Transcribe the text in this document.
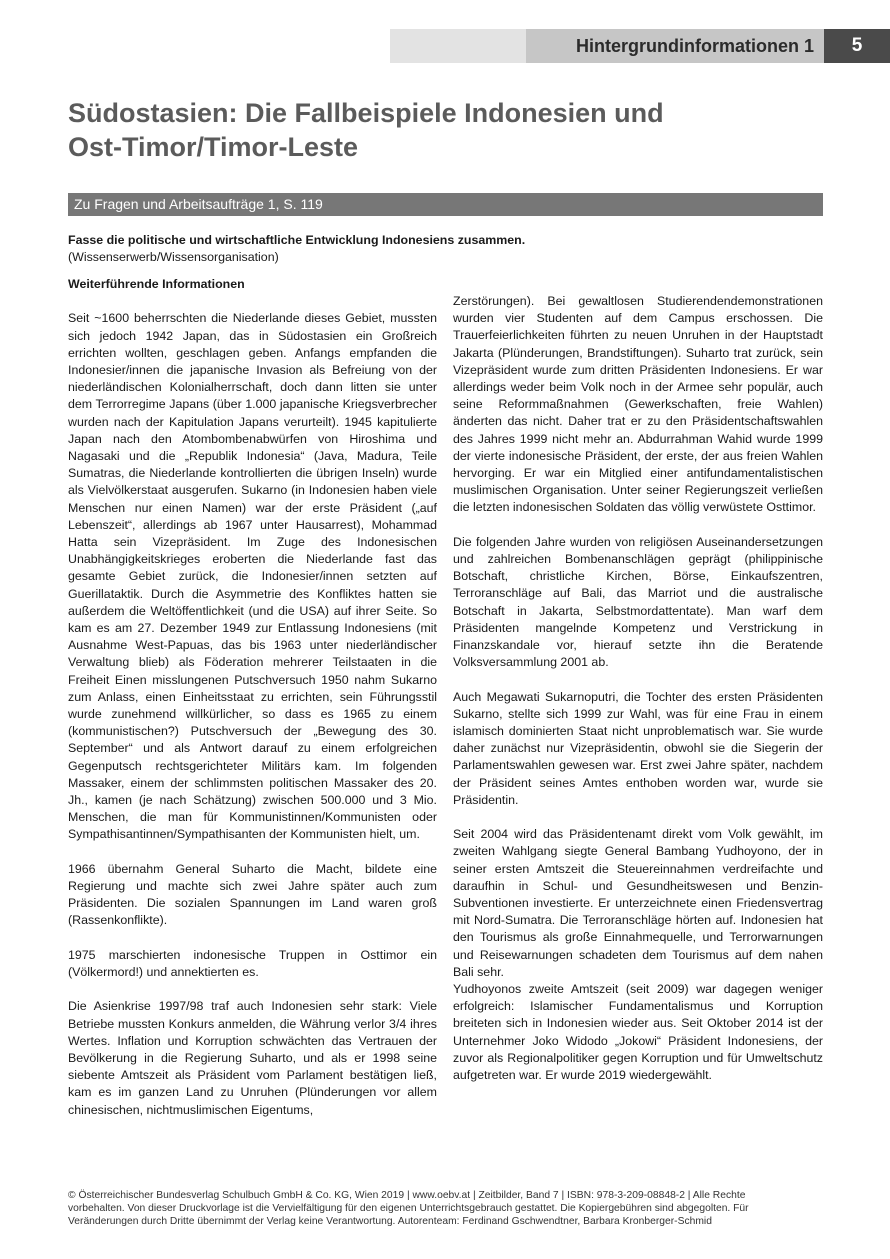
Hintergrundinformationen 1	5
Südostasien: Die Fallbeispiele Indonesien und
Ost-Timor/Timor-Leste
Zu Fragen und Arbeitsaufträge 1, S. 119
Fasse die politische und wirtschaftliche Entwicklung Indonesiens zusammen.
(Wissenserwerb/Wissensorganisation)

Weiterführende Informationen

Seit ~1600 beherrschten die Niederlande dieses Gebiet, mussten sich jedoch 1942 Japan, das in Südostasien ein Großreich errichten wollten, geschlagen geben. Anfangs empfanden die Indonesier/innen die japanische Invasion als Befreiung von der niederländischen Kolonialherrschaft, doch dann litten sie unter dem Terrorregime Japans (über 1.000 japanische Kriegsverbrecher wurden nach der Kapitulation Japans verurteilt). 1945 kapitulierte Japan nach den Atombombenabwürfen von Hiroshima und Nagasaki und die „Republik Indonesia“ (Java, Madura, Teile Sumatras, die Niederlande kontrollierten die übrigen Inseln) wurde als Vielvölkerstaat ausgerufen. Sukarno (in Indonesien haben viele Menschen nur einen Namen) war der erste Präsident („auf Lebenszeit“, allerdings ab 1967 unter Hausarrest), Mohammad Hatta sein Vizepräsident. Im Zuge des Indonesischen Unabhängigkeitskrieges eroberten die Niederlande fast das gesamte Gebiet zurück, die Indonesier/innen setzten auf Guerillataktik. Durch die Asymmetrie des Konfliktes hatten sie außerdem die Weltöffentlichkeit (und die USA) auf ihrer Seite. So kam es am 27. Dezember 1949 zur Entlassung Indonesiens (mit Ausnahme West-Papuas, das bis 1963 unter niederländischer Verwaltung blieb) als Föderation mehrerer Teilstaaten in die Freiheit Einen misslungenen Putschversuch 1950 nahm Sukarno zum Anlass, einen Einheitsstaat zu errichten, sein Führungsstil wurde zunehmend willkürlicher, so dass es 1965 zu einem (kommunistischen?) Putschversuch der „Bewegung des 30. September“ und als Antwort darauf zu einem erfolgreichen Gegenputsch rechtsgerichteter Militärs kam. Im folgenden Massaker, einem der schlimmsten politischen Massaker des 20. Jh., kamen (je nach Schätzung) zwischen 500.000 und 3 Mio. Menschen, die man für Kommunistinnen/Kommunisten oder Sympathisantinnen/Sympathisanten der Kommunisten hielt, um.

1966 übernahm General Suharto die Macht, bildete eine Regierung und machte sich zwei Jahre später auch zum Präsidenten. Die sozialen Spannungen im Land waren groß (Rassenkonflikte).

1975 marschierten indonesische Truppen in Osttimor ein (Völkermord!) und annektierten es.

Die Asienkrise 1997/98 traf auch Indonesien sehr stark: Viele Betriebe mussten Konkurs anmelden, die Währung verlor 3/4 ihres Wertes. Inflation und Korruption schwächten das Vertrauen der Bevölkerung in die Regierung Suharto, und als er 1998 seine siebente Amtszeit als Präsident vom Parlament bestätigen ließ, kam es im ganzen Land zu Unruhen (Plünderungen vor allem chinesischen, nichtmuslimischen Eigentums,

Zerstörungen). Bei gewaltlosen Studierendendemonstrationen wurden vier Studenten auf dem Campus erschossen. Die Trauerfeierlichkeiten führten zu neuen Unruhen in der Hauptstadt Jakarta (Plünderungen, Brandstiftungen). Suharto trat zurück, sein Vizepräsident wurde zum dritten Präsidenten Indonesiens. Er war allerdings weder beim Volk noch in der Armee sehr populär, auch seine Reformmaßnahmen (Gewerkschaften, freie Wahlen) änderten das nicht. Daher trat er zu den Präsidentschaftswahlen des Jahres 1999 nicht mehr an. Abdurrahman Wahid wurde 1999 der vierte indonesische Präsident, der erste, der aus freien Wahlen hervorging. Er war ein Mitglied einer antifundamentalistischen muslimischen Organisation. Unter seiner Regierungszeit verließen die letzten indonesischen Soldaten das völlig verwüstete Osttimor.

Die folgenden Jahre wurden von religiösen Auseinandersetzungen und zahlreichen Bombenanschlägen geprägt (philippinische Botschaft, christliche Kirchen, Börse, Einkaufszentren, Terroranschläge auf Bali, das Marriot und die australische Botschaft in Jakarta, Selbstmordattentate). Man warf dem Präsidenten mangelnde Kompetenz und Verstrickung in Finanzskandale vor, hierauf setzte ihn die Beratende Volksversammlung 2001 ab.

Auch Megawati Sukarnoputri, die Tochter des ersten Präsidenten Sukarno, stellte sich 1999 zur Wahl, was für eine Frau in einem islamisch dominierten Staat nicht unproblematisch war. Sie wurde daher zunächst nur Vizepräsidentin, obwohl sie die Siegerin der Parlamentswahlen gewesen war. Erst zwei Jahre später, nachdem der Präsident seines Amtes enthoben worden war, wurde sie Präsidentin.

Seit 2004 wird das Präsidentenamt direkt vom Volk gewählt, im zweiten Wahlgang siegte General Bambang Yudhoyono, der in seiner ersten Amtszeit die Steuereinnahmen verdreifachte und daraufhin in Schul- und Gesundheitswesen und Benzin-Subventionen investierte. Er unterzeichnete einen Friedensvertrag mit Nord-Sumatra. Die Terroranschläge hörten auf. Indonesien hat den Tourismus als große Einnahmequelle, und Terrorwarnungen und Reisewarnungen schadeten dem Tourismus auf dem nahen Bali sehr.

Yudhoyonos zweite Amtszeit (seit 2009) war dagegen weniger erfolgreich: Islamischer Fundamentalismus und Korruption breiteten sich in Indonesien wieder aus. Seit Oktober 2014 ist der Unternehmer Joko Widodo „Jokowi“ Präsident Indonesiens, der zuvor als Regionalpolitiker gegen Korruption und für Umweltschutz aufgetreten war. Er wurde 2019 wiedergewählt.

© Österreichischer Bundesverlag Schulbuch GmbH & Co. KG, Wien 2019 | www.oebv.at | Zeitbilder, Band 7 | ISBN: 978-3-209-08848-2 | Alle Rechte
vorbehalten. Von dieser Druckvorlage ist die Vervielfältigung für den eigenen Unterrichtsgebrauch gestattet. Die Kopiergebühren sind abgegolten. Für
Veränderungen durch Dritte übernimmt der Verlag keine Verantwortung. Autorenteam: Ferdinand Gschwendtner, Barbara Kronberger-Schmid
